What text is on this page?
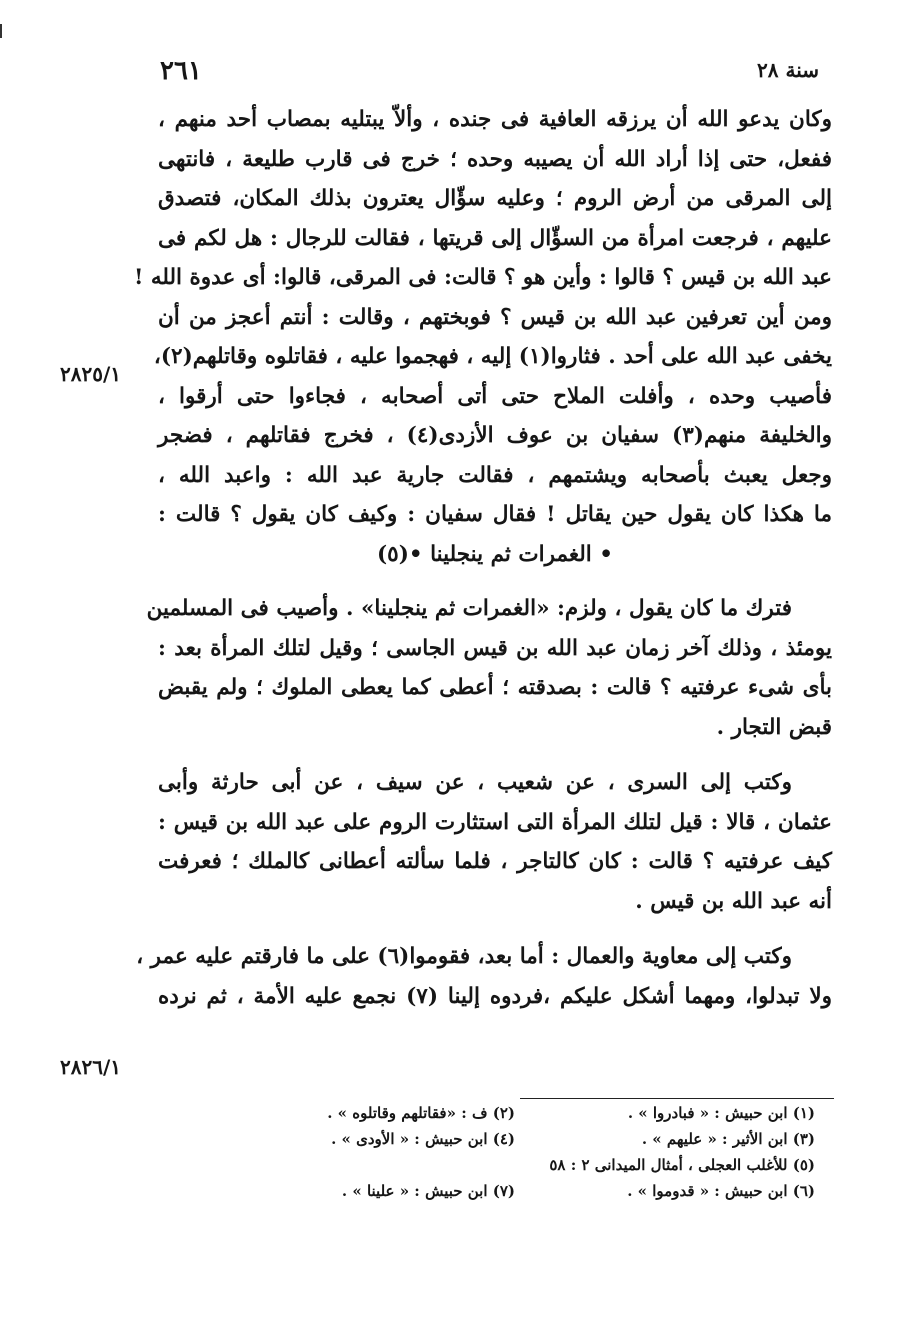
٢٦١	سنة ٢٨
وكان يدعو الله أن يرزقه العافية فى جنده ، وألاّ يبتليه بمصاب أحد منهم ،
ففعل، حتى إذا أراد الله أن يصيبه وحده ؛ خرج فى قارب طليعة ، فانتهى
إلى المرقى من أرض الروم ؛ وعليه سؤّال يعترون بذلك المكان، فتصدق
عليهم ، فرجعت امرأة من السؤّال إلى قريتها ، فقالت للرجال : هل لكم فى
عبد الله بن قيس ؟ قالوا : وأين هو ؟ قالت: فى المرقى، قالوا: أى عدوة الله !
ومن أين تعرفين عبد الله بن قيس ؟ فوبختهم ، وقالت : أنتم أعجز من أن
يخفى عبد الله على أحد . فثاروا(١) إليه ، فهجموا عليه ، فقاتلوه وقاتلهم(٢)،
فأصيب وحده ، وأفلت الملاح حتى أتى أصحابه ، فجاءوا حتى أرقوا ،
والخليفة منهم(٣) سفيان بن عوف الأزدى(٤) ، فخرج فقاتلهم ، فضجر
وجعل يعبث بأصحابه ويشتمهم ، فقالت جارية عبد الله : واعبد الله ،
ما هكذا كان يقول حين يقاتل ! فقال سفيان : وكيف كان يقول ؟ قالت :
• الغمرات ثم ينجلينا •(٥)
فترك ما كان يقول ، ولزم: «الغمرات ثم ينجلينا» . وأصيب فى المسلمين
يومئذ ، وذلك آخر زمان عبد الله بن قيس الجاسى ؛ وقيل لتلك المرأة بعد :
بأى شىء عرفتيه ؟ قالت : بصدقته ؛ أعطى كما يعطى الملوك ؛ ولم يقبض
قبض التجار .
وكتب إلى السرى ، عن شعيب ، عن سيف ، عن أبى حارثة وأبى
عثمان ، قالا : قيل لتلك المرأة التى استثارت الروم على عبد الله بن قيس :
كيف عرفتيه ؟ قالت : كان كالتاجر ، فلما سألته أعطانى كالملك ؛ فعرفت
أنه عبد الله بن قيس .
وكتب إلى معاوية والعمال : أما بعد، فقوموا(٦) على ما فارقتم عليه عمر ،
ولا تبدلوا، ومهما أشكل عليكم ،فردوه إلينا (٧) نجمع عليه الأمة ، ثم نرده
٢٨٢٥/١
٢٨٢٦/١
(١) ابن حبيش : « فبادروا » .
(٢) ف : «فقاتلهم وقاتلوه » .
(٣) ابن الأثير : « عليهم » .
(٤) ابن حبيش : « الأودى » .
(٥) للأغلب العجلى ، أمثال الميدانى ٢ : ٥٨
(٦) ابن حبيش : « قدوموا » .
(٧) ابن حبيش : « علينا » .
